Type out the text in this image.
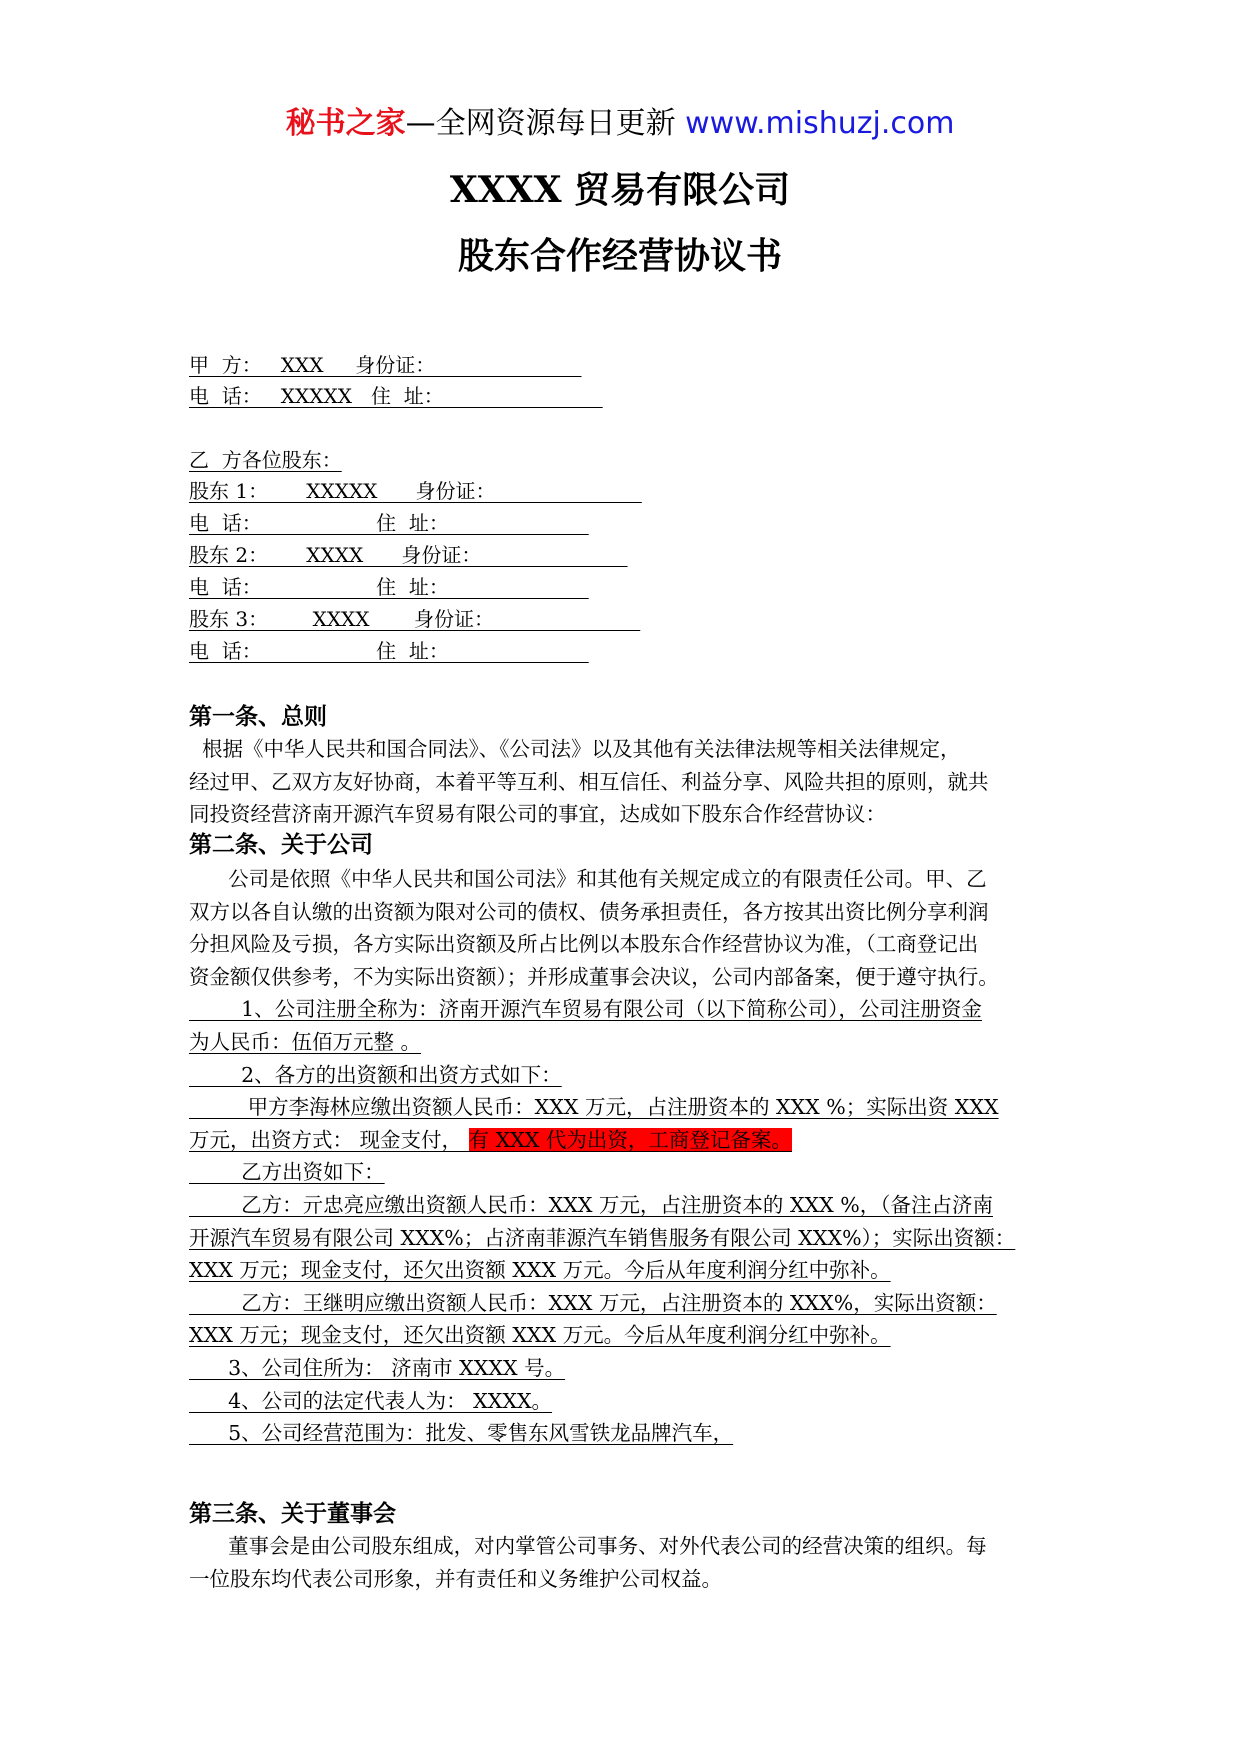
秘书之家—全网资源每日更新 www.mishuzj.com
XXXX 贸易有限公司
股东合作经营协议书
甲  方：   XXX     身份证：
电  话：   XXXXX   住  址：
乙  方各位股东：
股东 1：      XXXXX      身份证：
电  话：                  住  址：
股东 2：      XXXX      身份证：
电  话：                  住  址：
股东 3：       XXXX       身份证：
电  话：                  住  址：
第一条、总则
根据《中华人民共和国合同法》、《公司法》以及其他有关法律法规等相关法律规定，
经过甲、乙双方友好协商，本着平等互利、相互信任、利益分享、风险共担的原则，就共
同投资经营济南开源汽车贸易有限公司的事宜，达成如下股东合作经营协议：
第二条、关于公司
公司是依照《中华人民共和国公司法》和其他有关规定成立的有限责任公司。甲、乙
双方以各自认缴的出资额为限对公司的债权、债务承担责任，各方按其出资比例分享利润
分担风险及亏损，各方实际出资额及所占比例以本股东合作经营协议为准，（工商登记出
资金额仅供参考，不为实际出资额）；并形成董事会决议，公司内部备案，便于遵守执行。
1、公司注册全称为：济南开源汽车贸易有限公司（以下简称公司），公司注册资金
为人民币：伍佰万元整 。
2、各方的出资额和出资方式如下：
甲方李海林应缴出资额人民币：XXX 万元，占注册资本的 XXX %；实际出资 XXX
万元，出资方式： 现金支付， 有 XXX 代为出资，工商登记备案。
乙方出资如下：
乙方：亓忠亮应缴出资额人民币：XXX 万元，占注册资本的 XXX %，（备注占济南
开源汽车贸易有限公司 XXX%；占济南菲源汽车销售服务有限公司 XXX%）；实际出资额：
XXX 万元；现金支付，还欠出资额 XXX 万元。今后从年度利润分红中弥补。
乙方：王继明应缴出资额人民币：XXX 万元，占注册资本的 XXX%，实际出资额：
XXX 万元；现金支付，还欠出资额 XXX 万元。今后从年度利润分红中弥补。
3、公司住所为： 济南市 XXXX 号。
4、公司的法定代表人为： XXXX。
5、公司经营范围为：批发、零售东风雪铁龙品牌汽车，
第三条、关于董事会
董事会是由公司股东组成，对内掌管公司事务、对外代表公司的经营决策的组织。每
一位股东均代表公司形象，并有责任和义务维护公司权益。
